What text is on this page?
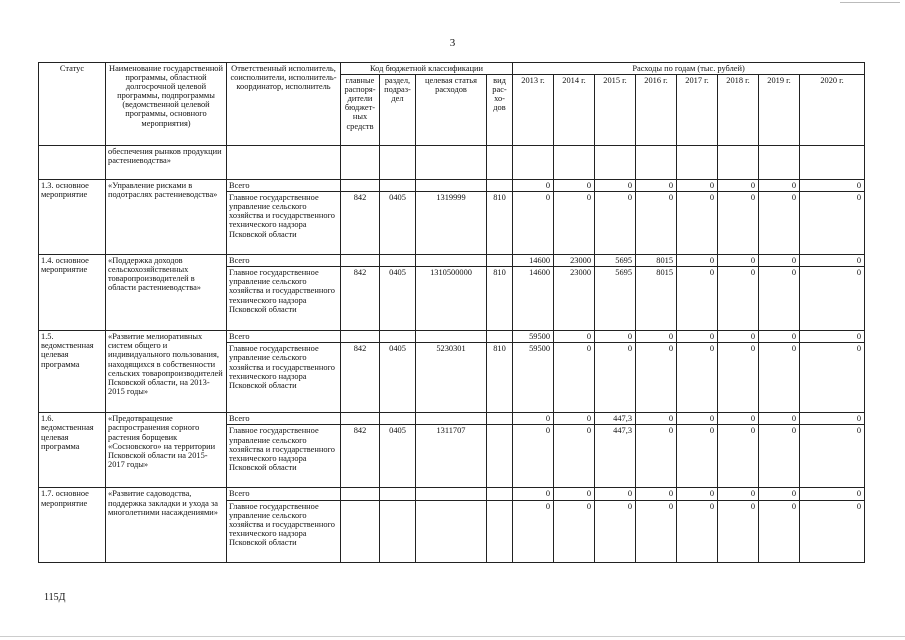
3
Статус	Наименование государственной программы, областной долгосрочной целевой программы, подпрограммы (ведомственной целевой программы, основного мероприятия)	Ответственный исполнитель, соисполнители, исполнитель-координатор, исполнитель	Код бюджетной классификации				Расходы по годам (тыс. рублей)							
			главные распоря-дители бюджет-ных средств	раздел, подраз-дел	целевая статья расходов	вид рас-хо-дов	2013 г.	2014 г.	2015 г.	2016 г.	2017 г.	2018 г.	2019 г.	2020 г.
	обеспечения рынков продукции растениеводства»													
1.3. основное мероприятие	«Управление рисками в подотраслях растениеводства»	Всего					0	0	0	0	0	0	0	0
		Главное государственное управление сельского хозяйства и государственного технического надзора Псковской области	842	0405	1319999	810	0	0	0	0	0	0	0	0
1.4. основное мероприятие	«Поддержка доходов сельскохозяйственных товаропроизводителей в области растениеводства»	Всего					14600	23000	5695	8015	0	0	0	0
		Главное государственное управление сельского хозяйства и государственного технического надзора Псковской области	842	0405	1310500000	810	14600	23000	5695	8015	0	0	0	0
1.5. ведомственная целевая программа	«Развитие мелиоративных систем общего и индивидуального пользования, находящихся в собственности сельских товаропроизводителей Псковской области, на 2013-2015 годы»	Всего					59500	0	0	0	0	0	0	0
		Главное государственное управление сельского хозяйства и государственного технического надзора Псковской области	842	0405	5230301	810	59500	0	0	0	0	0	0	0
1.6. ведомственная целевая программа	«Предотвращение распространения сорного растения борщевик «Сосновского» на территории Псковской области на 2015-2017 годы»	Всего					0	0	447,3	0	0	0	0	0
		Главное государственное управление сельского хозяйства и государственного технического надзора Псковской области	842	0405	1311707		0	0	447,3	0	0	0	0	0
1.7. основное мероприятие	«Развитие садоводства, поддержка закладки и ухода за многолетними насаждениями»	Всего					0	0	0	0	0	0	0	0
		Главное государственное управление сельского хозяйства и государственного технического надзора Псковской области					0	0	0	0	0	0	0	0
115Д
